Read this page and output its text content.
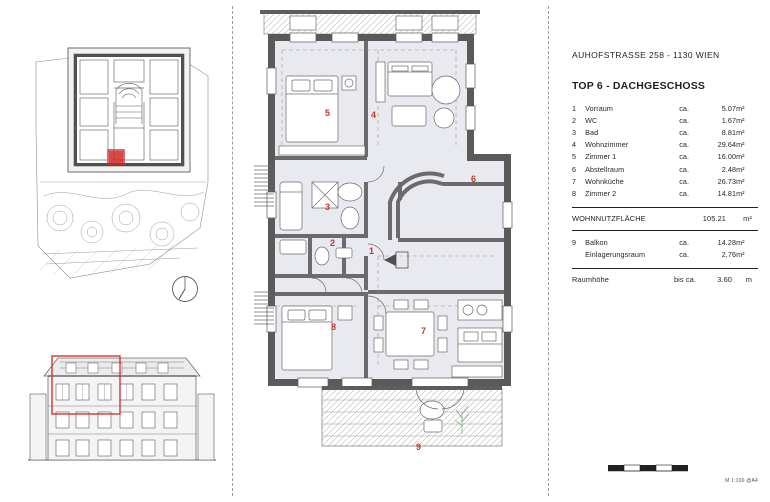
1
2
3
4
5
6
7
8
9
AUHOFSTRASSE 258 - 1130 WIEN
TOP 6 - DACHGESCHOSS
1	Vorraum	ca.	5.07	m²
2	WC	ca.	1.67	m²
3	Bad	ca.	8.81	m²
4	Wohnzimmer	ca.	29.64	m²
5	Zimmer 1	ca.	16.00	m²
6	Abstellraum	ca.	2.48	m²
7	Wohnküche	ca.	26.73	m²
8	Zimmer 2	ca.	14.81	m²
WOHNNUTZFLÄCHE	105.21	m²
9	Balkon	ca.	14.28	m²
	Einlagerungsraum	ca.	2,76	m²
Raumhöhe	bis ca.	3.60	m
M 1:100 @A4
